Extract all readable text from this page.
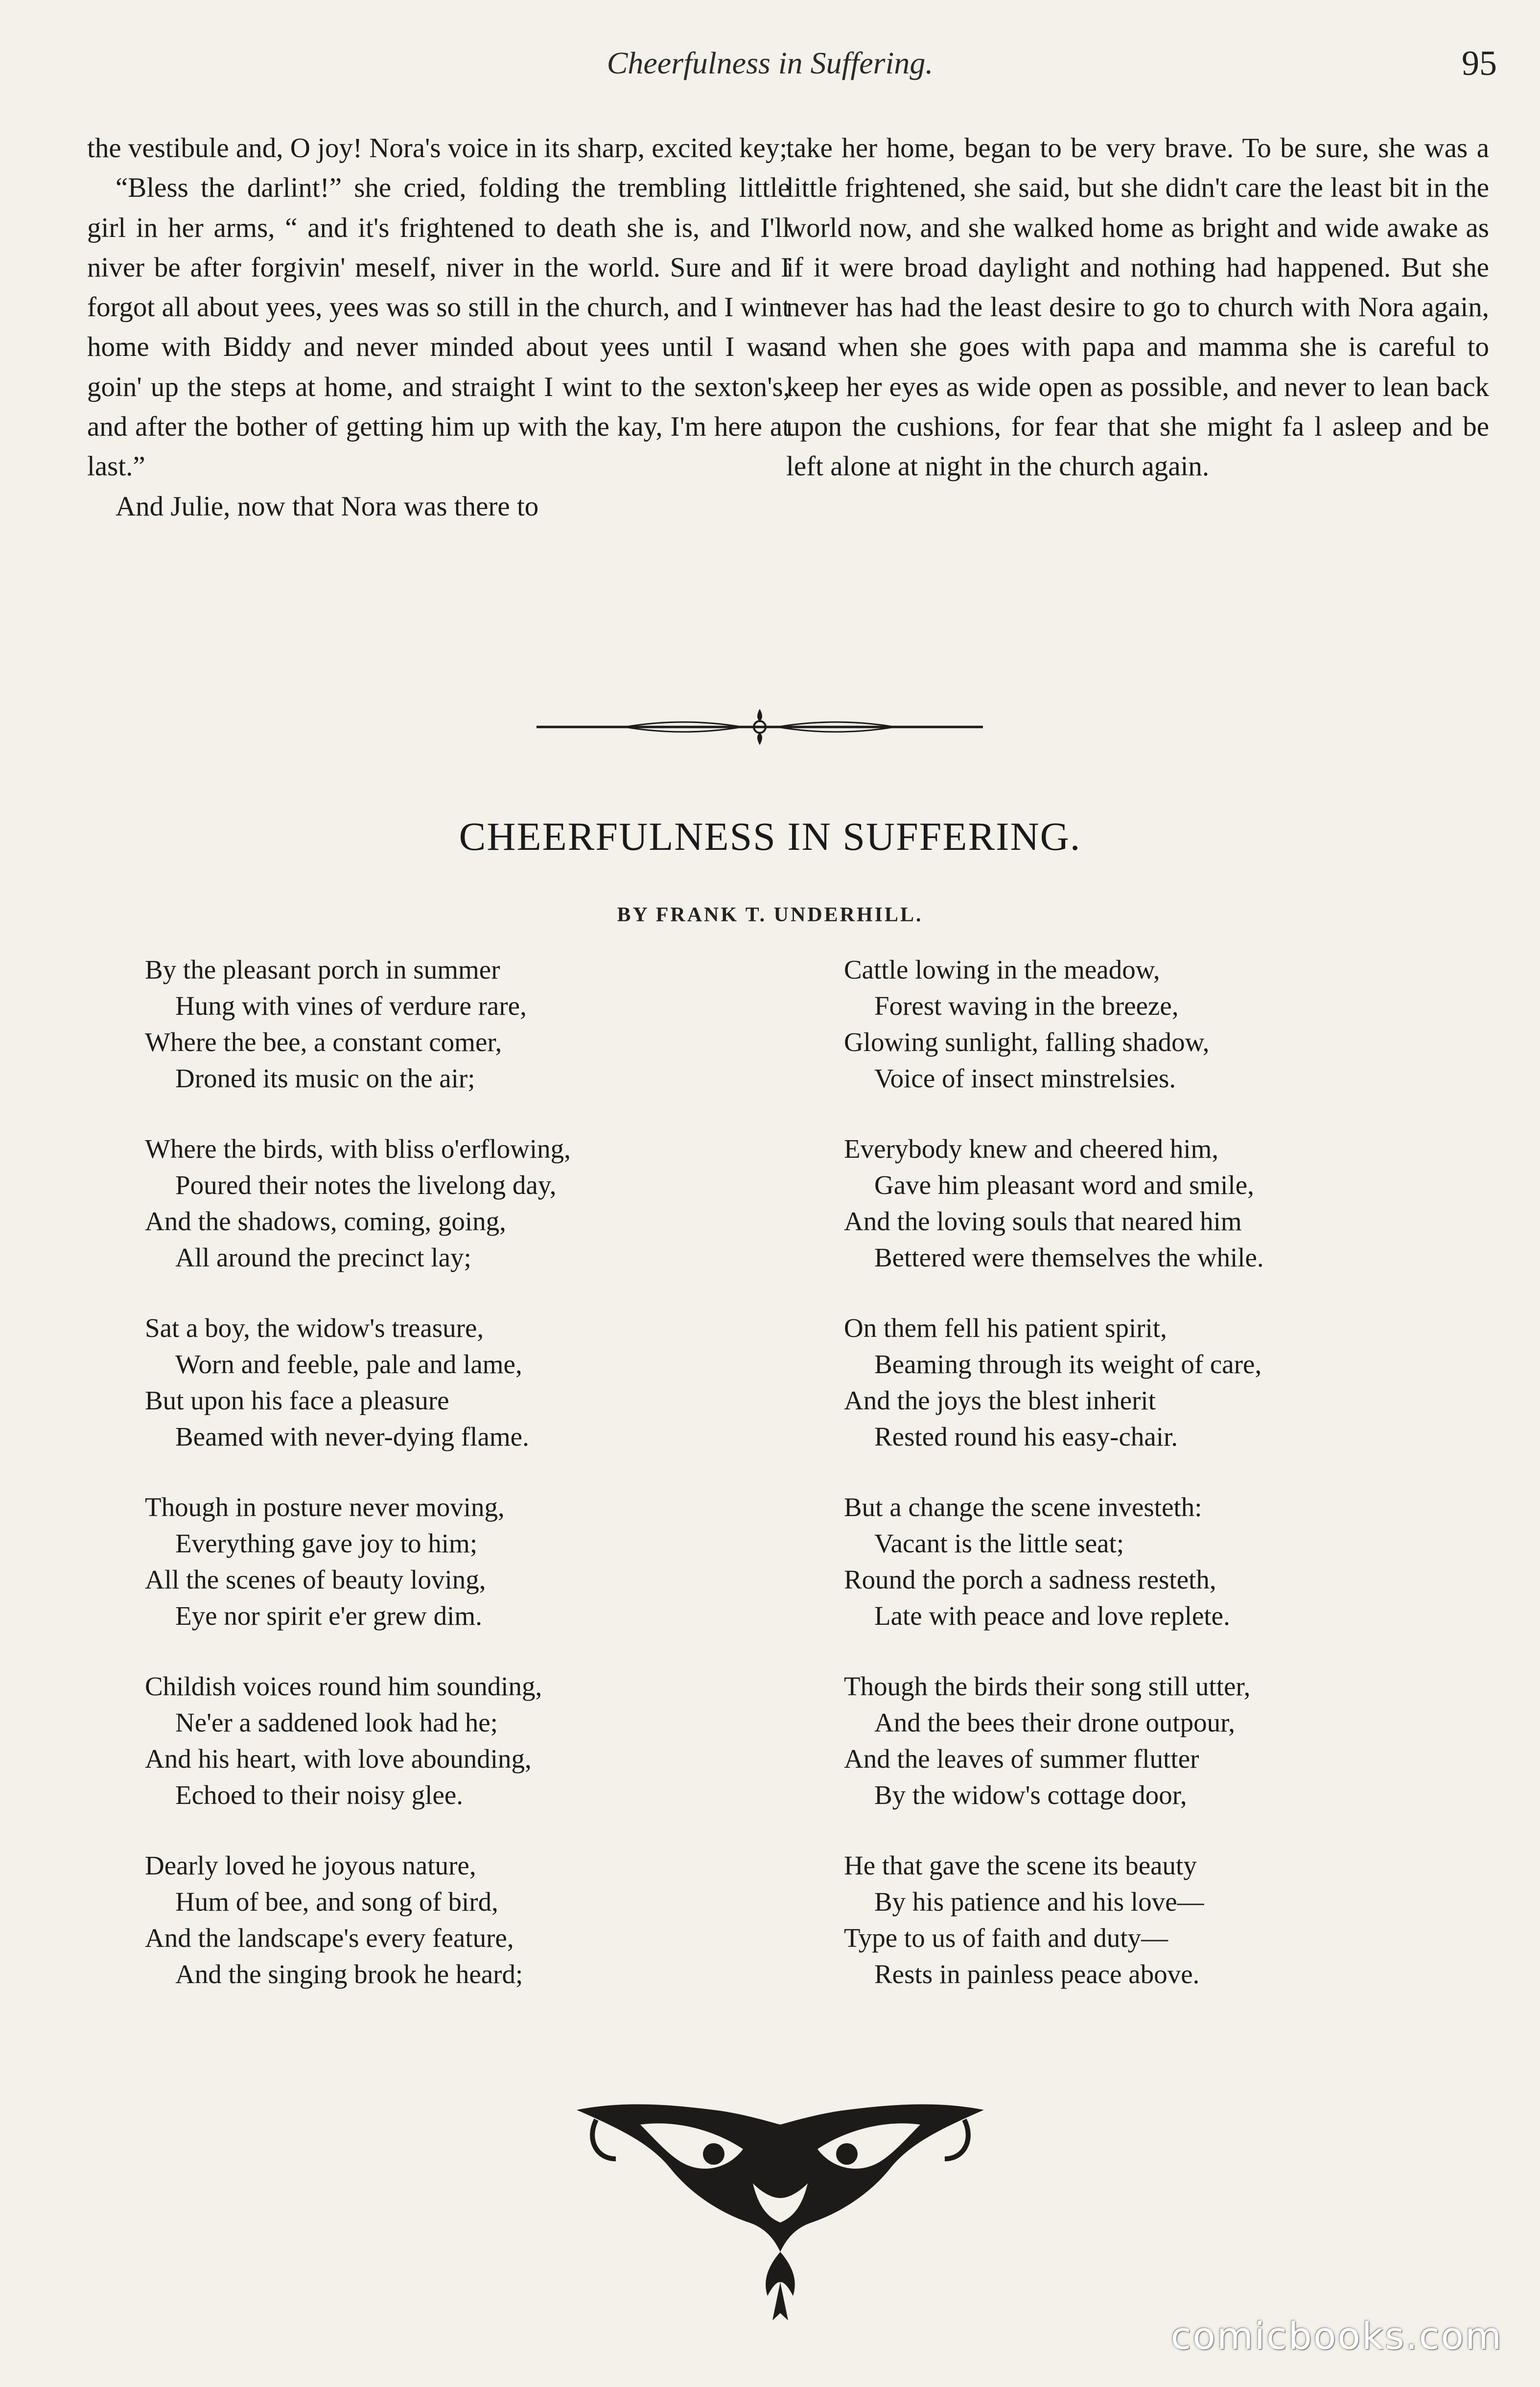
Cheerfulness in Suffering.	95

the vestibule and, O joy! Nora's voice in its sharp, excited key;

“Bless the darlint!” she cried, folding the trembling little girl in her arms, “ and it's frightened to death she is, and I'll niver be after forgivin' meself, niver in the world. Sure and I forgot all about yees, yees was so still in the church, and I wint home with Biddy and never minded about yees until I was goin' up the steps at home, and straight I wint to the sexton's, and after the bother of getting him up with the kay, I'm here at last.”

And Julie, now that Nora was there to

take her home, began to be very brave. To be sure, she was a little frightened, she said, but she didn't care the least bit in the world now, and she walked home as bright and wide awake as if it were broad daylight and nothing had happened. But she never has had the least desire to go to church with Nora again, and when she goes with papa and mamma she is careful to keep her eyes as wide open as possible, and never to lean back upon the cushions, for fear that she might fa l asleep and be left alone at night in the church again.

CHEERFULNESS IN SUFFERING.
BY FRANK T. UNDERHILL.
By the pleasant porch in summer
Hung with vines of verdure rare,
Where the bee, a constant comer,
Droned its music on the air;
Where the birds, with bliss o'erflowing,
Poured their notes the livelong day,
And the shadows, coming, going,
All around the precinct lay;
Sat a boy, the widow's treasure,
Worn and feeble, pale and lame,
But upon his face a pleasure
Beamed with never-dying flame.
Though in posture never moving,
Everything gave joy to him;
All the scenes of beauty loving,
Eye nor spirit e'er grew dim.
Childish voices round him sounding,
Ne'er a saddened look had he;
And his heart, with love abounding,
Echoed to their noisy glee.
Dearly loved he joyous nature,
Hum of bee, and song of bird,
And the landscape's every feature,
And the singing brook he heard;
Cattle lowing in the meadow,
Forest waving in the breeze,
Glowing sunlight, falling shadow,
Voice of insect minstrelsies.
Everybody knew and cheered him,
Gave him pleasant word and smile,
And the loving souls that neared him
Bettered were themselves the while.
On them fell his patient spirit,
Beaming through its weight of care,
And the joys the blest inherit
Rested round his easy-chair.
But a change the scene investeth:
Vacant is the little seat;
Round the porch a sadness resteth,
Late with peace and love replete.
Though the birds their song still utter,
And the bees their drone outpour,
And the leaves of summer flutter
By the widow's cottage door,
He that gave the scene its beauty
By his patience and his love—
Type to us of faith and duty—
Rests in painless peace above.
comicbooks.com
